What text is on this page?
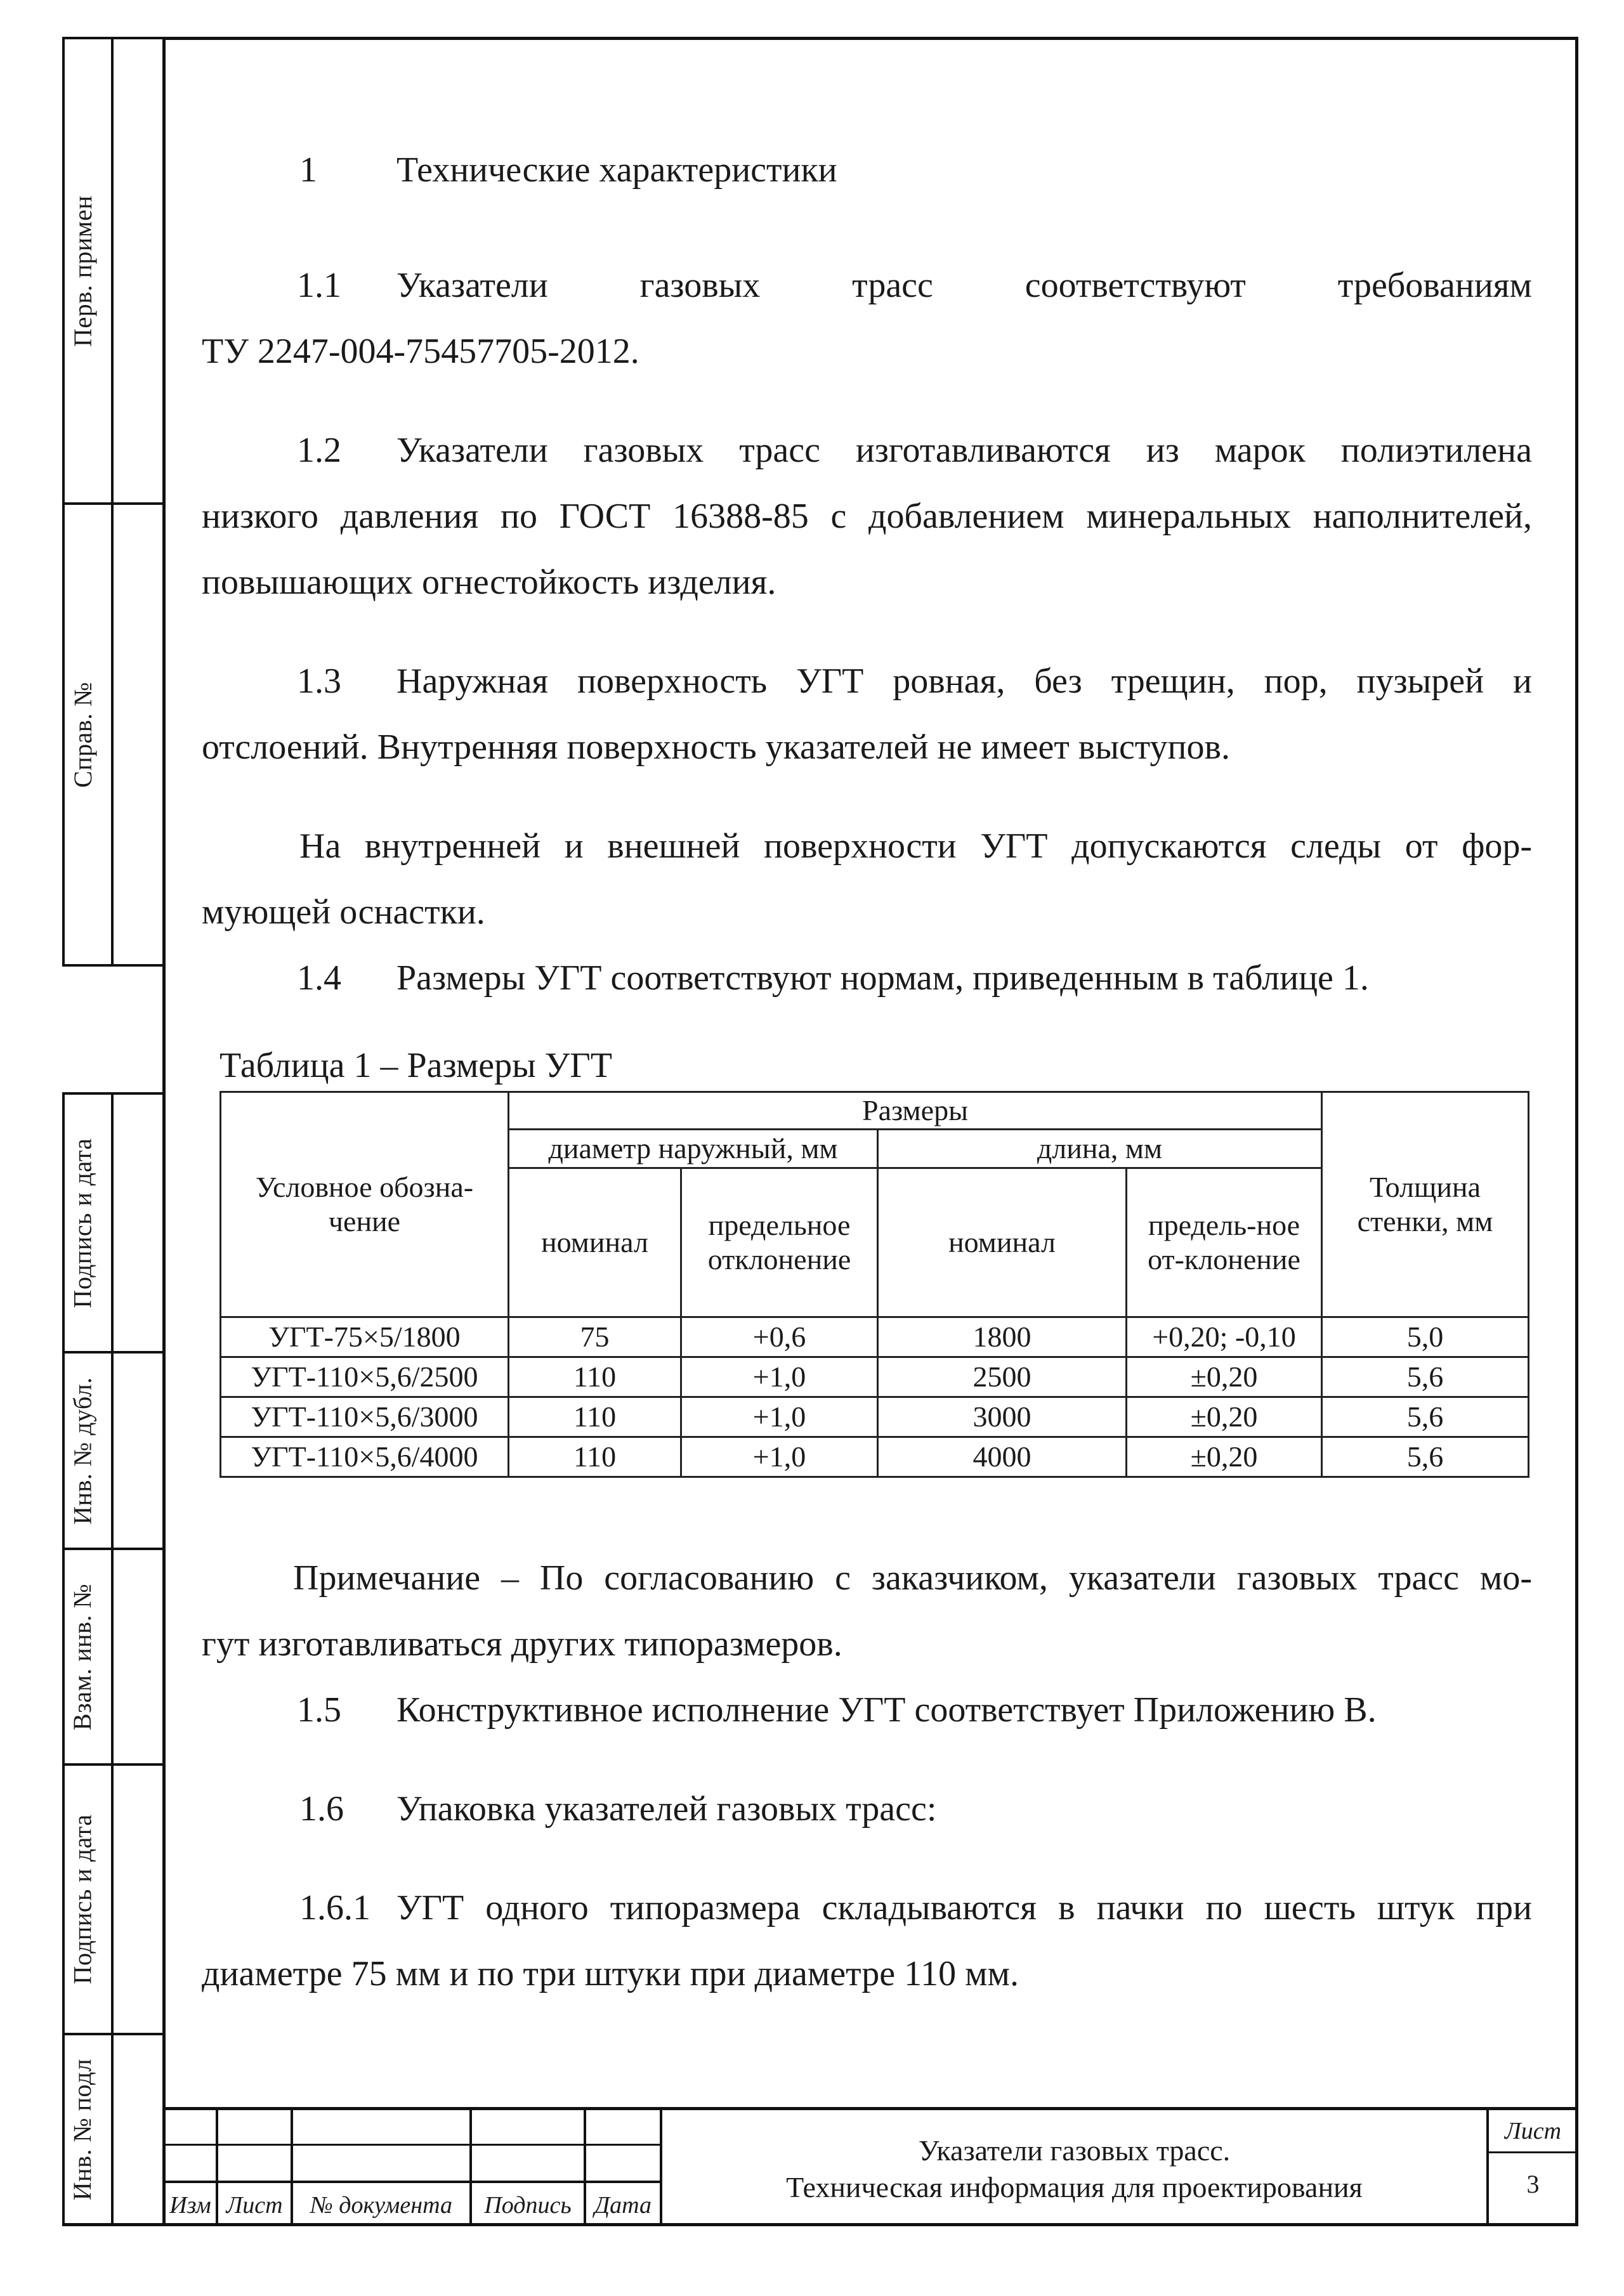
Перв. примен
Справ. №
Подпись и дата
Инв. № дубл.
Взам. инв. №
Подпись и дата
Инв. № подл
1 Технические характеристики
1.1 Указатели	газовых	трасс	соответствуют	требованиям
ТУ 2247-004-75457705-2012.
1.2 Указатели газовых трасс изготавливаются из марок полиэтилена
низкого давления по ГОСТ 16388-85 с добавлением минеральных наполнителей,
повышающих огнестойкость изделия.
1.3 Наружная поверхность УГТ ровная, без трещин, пор, пузырей и
отслоений. Внутренняя поверхность указателей не имеет выступов.
На внутренней и внешней поверхности УГТ допускаются следы от фор-
мующей оснастки.
1.4 Размеры УГТ соответствуют нормам, приведенным в таблице 1.
Таблица 1 – Размеры УГТ
Условное обозна-чение	Размеры				Толщина стенки, мм
	диаметр наружный, мм		длина, мм		
	номинал	предельное отклонение	номинал	предель-ное от-клонение	
УГТ-75×5/1800	75	+0,6	1800	+0,20; -0,10	5,0
УГТ-110×5,6/2500	110	+1,0	2500	±0,20	5,6
УГТ-110×5,6/3000	110	+1,0	3000	±0,20	5,6
УГТ-110×5,6/4000	110	+1,0	4000	±0,20	5,6
Примечание – По согласованию с заказчиком, указатели газовых трасс мо-
гут изготавливаться других типоразмеров.
1.5 Конструктивное исполнение УГТ соответствует Приложению В.
1.6 Упаковка указателей газовых трасс:
1.6.1 УГТ одного типоразмера складываются в пачки по шесть штук при
диаметре 75 мм и по три штуки при диаметре 110 мм.
Изм Лист	№ документа	Подпись Дата
Указатели газовых трасс.
Техническая информация для проектирования
Лист
3
